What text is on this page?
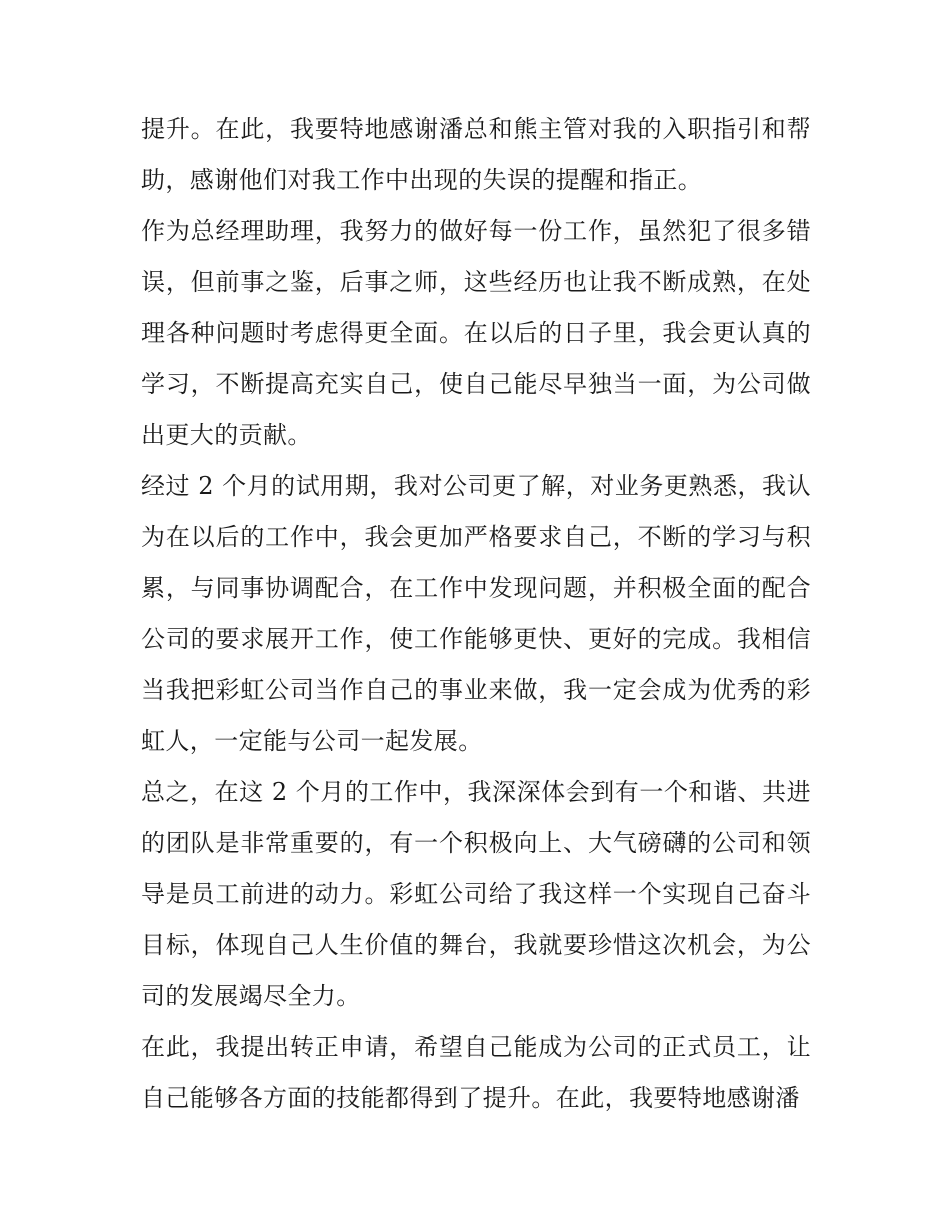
提升。在此，我要特地感谢潘总和熊主管对我的入职指引和帮助，感谢他们对我工作中出现的失误的提醒和指正。

作为总经理助理，我努力的做好每一份工作，虽然犯了很多错误，但前事之鉴，后事之师，这些经历也让我不断成熟，在处理各种问题时考虑得更全面。在以后的日子里，我会更认真的学习，不断提高充实自己，使自己能尽早独当一面，为公司做出更大的贡献。

经过 2 个月的试用期，我对公司更了解，对业务更熟悉，我认为在以后的工作中，我会更加严格要求自己，不断的学习与积累，与同事协调配合，在工作中发现问题，并积极全面的配合公司的要求展开工作，使工作能够更快、更好的完成。我相信当我把彩虹公司当作自己的事业来做，我一定会成为优秀的彩虹人，一定能与公司一起发展。

总之，在这 2 个月的工作中，我深深体会到有一个和谐、共进的团队是非常重要的，有一个积极向上、大气磅礴的公司和领导是员工前进的动力。彩虹公司给了我这样一个实现自己奋斗目标，体现自己人生价值的舞台，我就要珍惜这次机会，为公司的发展竭尽全力。

在此，我提出转正申请，希望自己能成为公司的正式员工，让自己能够各方面的技能都得到了提升。在此，我要特地感谢潘
